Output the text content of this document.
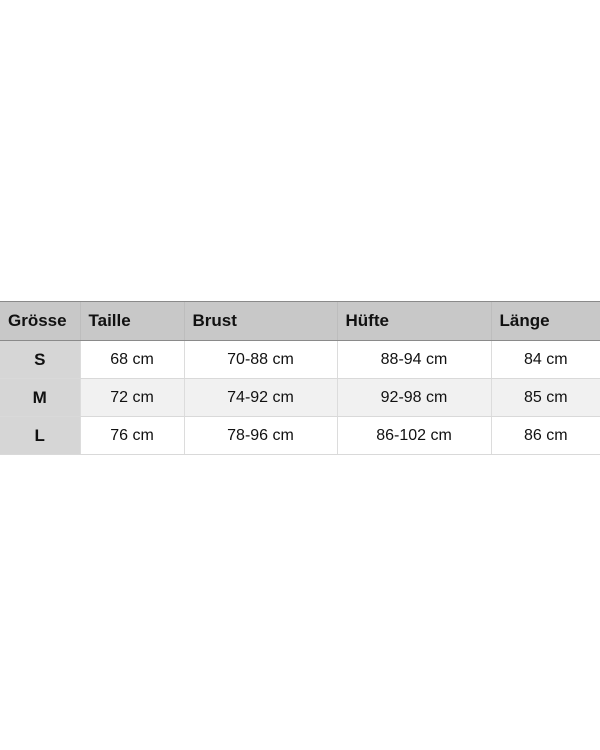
Grösse	Taille	Brust	Hüfte	Länge
S	68 cm	70-88 cm	88-94 cm	84 cm
M	72 cm	74-92 cm	92-98 cm	85 cm
L	76 cm	78-96 cm	86-102 cm	86 cm
